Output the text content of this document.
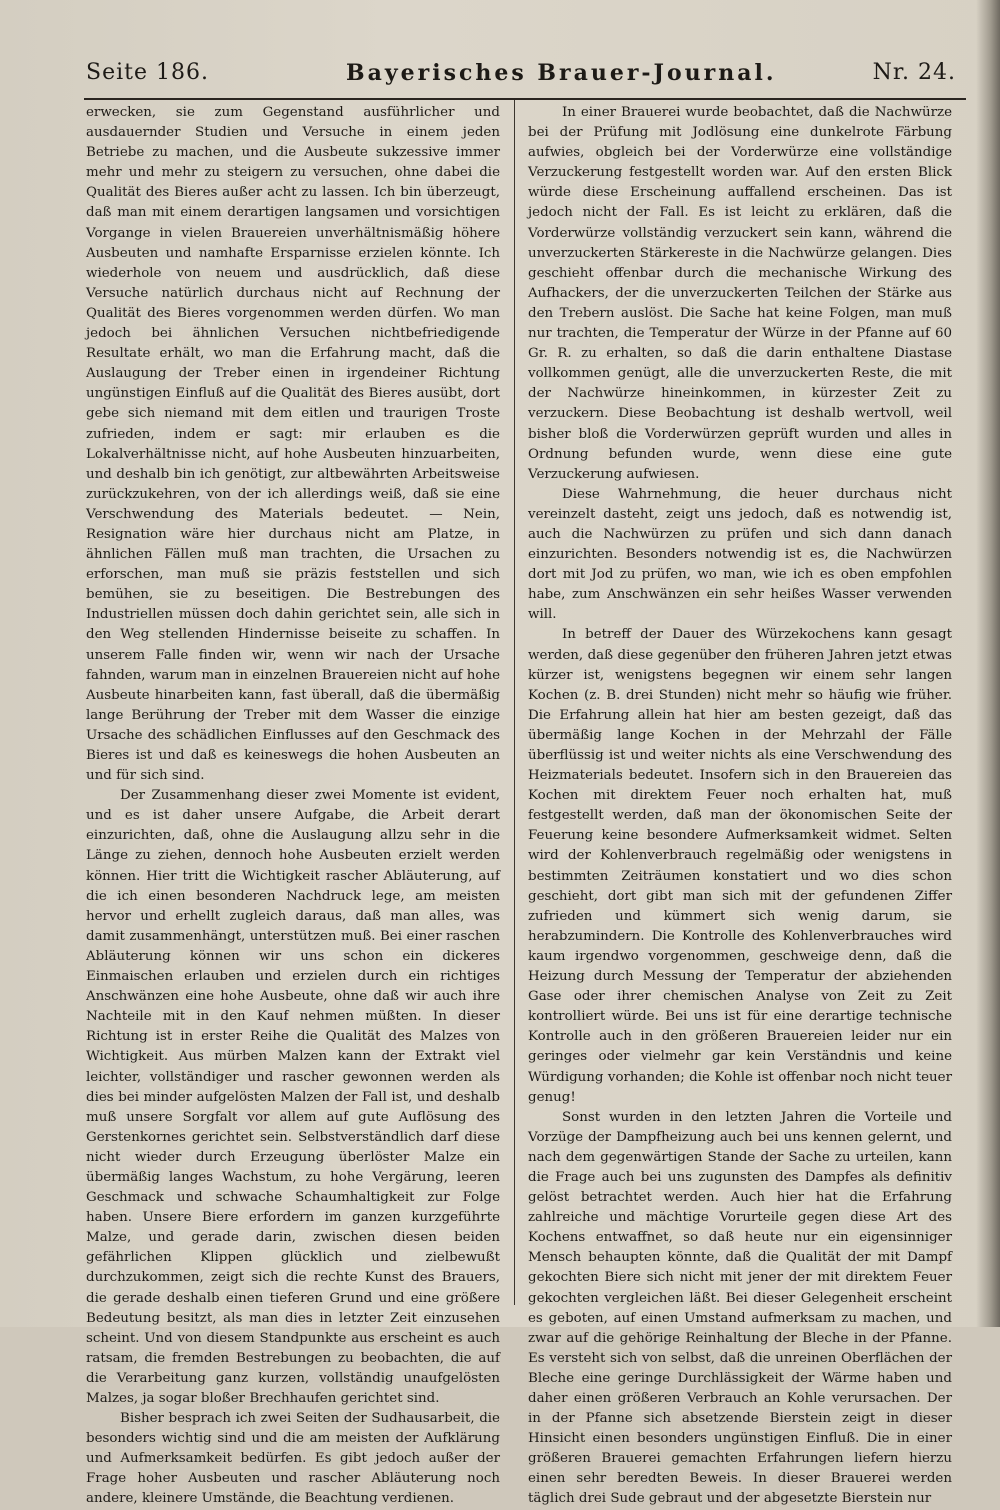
Seite 186.	Bayerisches Brauer-Journal.	Nr. 24.

erwecken, sie zum Gegenstand ausführlicher und ausdauernder Studien und Versuche in einem jeden Betriebe zu machen, und die Ausbeute sukzessive immer mehr und mehr zu steigern zu versuchen, ohne dabei die Qualität des Bieres außer acht zu lassen. Ich bin überzeugt, daß man mit einem derartigen langsamen und vorsichtigen Vorgange in vielen Brauereien unverhältnismäßig höhere Ausbeuten und namhafte Ersparnisse erzielen könnte. Ich wiederhole von neuem und ausdrücklich, daß diese Versuche natürlich durchaus nicht auf Rechnung der Qualität des Bieres vorgenommen werden dürfen. Wo man jedoch bei ähnlichen Versuchen nichtbefriedigende Resultate erhält, wo man die Erfahrung macht, daß die Auslaugung der Treber einen in irgendeiner Richtung ungünstigen Einfluß auf die Qualität des Bieres ausübt, dort gebe sich niemand mit dem eitlen und traurigen Troste zufrieden, indem er sagt: mir erlauben es die Lokalverhältnisse nicht, auf hohe Ausbeuten hinzuarbeiten, und deshalb bin ich genötigt, zur altbewährten Arbeitsweise zurückzukehren, von der ich allerdings weiß, daß sie eine Verschwendung des Materials bedeutet. — Nein, Resignation wäre hier durchaus nicht am Platze, in ähnlichen Fällen muß man trachten, die Ursachen zu erforschen, man muß sie präzis feststellen und sich bemühen, sie zu beseitigen. Die Bestrebungen des Industriellen müssen doch dahin gerichtet sein, alle sich in den Weg stellenden Hindernisse beiseite zu schaffen. In unserem Falle finden wir, wenn wir nach der Ursache fahnden, warum man in einzelnen Brauereien nicht auf hohe Ausbeute hinarbeiten kann, fast überall, daß die übermäßig lange Berührung der Treber mit dem Wasser die einzige Ursache des schädlichen Einflusses auf den Geschmack des Bieres ist und daß es keineswegs die hohen Ausbeuten an und für sich sind.

Der Zusammenhang dieser zwei Momente ist evident, und es ist daher unsere Aufgabe, die Arbeit derart einzurichten, daß, ohne die Auslaugung allzu sehr in die Länge zu ziehen, dennoch hohe Ausbeuten erzielt werden können. Hier tritt die Wichtigkeit rascher Abläuterung, auf die ich einen besonderen Nachdruck lege, am meisten hervor und erhellt zugleich daraus, daß man alles, was damit zusammenhängt, unterstützen muß. Bei einer raschen Abläuterung können wir uns schon ein dickeres Einmaischen erlauben und erzielen durch ein richtiges Anschwänzen eine hohe Ausbeute, ohne daß wir auch ihre Nachteile mit in den Kauf nehmen müßten. In dieser Richtung ist in erster Reihe die Qualität des Malzes von Wichtigkeit. Aus mürben Malzen kann der Extrakt viel leichter, vollständiger und rascher gewonnen werden als dies bei minder aufgelösten Malzen der Fall ist, und deshalb muß unsere Sorgfalt vor allem auf gute Auflösung des Gerstenkornes gerichtet sein. Selbstverständlich darf diese nicht wieder durch Erzeugung überlöster Malze ein übermäßig langes Wachstum, zu hohe Vergärung, leeren Geschmack und schwache Schaumhaltigkeit zur Folge haben. Unsere Biere erfordern im ganzen kurzgeführte Malze, und gerade darin, zwischen diesen beiden gefährlichen Klippen glücklich und zielbewußt durchzukommen, zeigt sich die rechte Kunst des Brauers, die gerade deshalb einen tieferen Grund und eine größere Bedeutung besitzt, als man dies in letzter Zeit einzusehen scheint. Und von diesem Standpunkte aus erscheint es auch ratsam, die fremden Bestrebungen zu beobachten, die auf die Verarbeitung ganz kurzen, vollständig unaufgelösten Malzes, ja sogar bloßer Brechhaufen gerichtet sind.

Bisher besprach ich zwei Seiten der Sudhausarbeit, die besonders wichtig sind und die am meisten der Aufklärung und Aufmerksamkeit bedürfen. Es gibt jedoch außer der Frage hoher Ausbeuten und rascher Abläuterung noch andere, kleinere Umstände, die Beachtung verdienen.

In einer Brauerei wurde beobachtet, daß die Nachwürze bei der Prüfung mit Jodlösung eine dunkelrote Färbung aufwies, obgleich bei der Vorderwürze eine vollständige Verzuckerung festgestellt worden war. Auf den ersten Blick würde diese Erscheinung auffallend erscheinen. Das ist jedoch nicht der Fall. Es ist leicht zu erklären, daß die Vorderwürze vollständig verzuckert sein kann, während die unverzuckerten Stärkereste in die Nachwürze gelangen. Dies geschieht offenbar durch die mechanische Wirkung des Aufhackers, der die unverzuckerten Teilchen der Stärke aus den Trebern auslöst. Die Sache hat keine Folgen, man muß nur trachten, die Temperatur der Würze in der Pfanne auf 60 Gr. R. zu erhalten, so daß die darin enthaltene Diastase vollkommen genügt, alle die unverzuckerten Reste, die mit der Nachwürze hineinkommen, in kürzester Zeit zu verzuckern. Diese Beobachtung ist deshalb wertvoll, weil bisher bloß die Vorderwürzen geprüft wurden und alles in Ordnung befunden wurde, wenn diese eine gute Verzuckerung aufwiesen.

Diese Wahrnehmung, die heuer durchaus nicht vereinzelt dasteht, zeigt uns jedoch, daß es notwendig ist, auch die Nachwürzen zu prüfen und sich dann danach einzurichten. Besonders notwendig ist es, die Nachwürzen dort mit Jod zu prüfen, wo man, wie ich es oben empfohlen habe, zum Anschwänzen ein sehr heißes Wasser verwenden will.

In betreff der Dauer des Würzekochens kann gesagt werden, daß diese gegenüber den früheren Jahren jetzt etwas kürzer ist, wenigstens begegnen wir einem sehr langen Kochen (z. B. drei Stunden) nicht mehr so häufig wie früher. Die Erfahrung allein hat hier am besten gezeigt, daß das übermäßig lange Kochen in der Mehrzahl der Fälle überflüssig ist und weiter nichts als eine Verschwendung des Heizmaterials bedeutet. Insofern sich in den Brauereien das Kochen mit direktem Feuer noch erhalten hat, muß festgestellt werden, daß man der ökonomischen Seite der Feuerung keine besondere Aufmerksamkeit widmet. Selten wird der Kohlenverbrauch regelmäßig oder wenigstens in bestimmten Zeiträumen konstatiert und wo dies schon geschieht, dort gibt man sich mit der gefundenen Ziffer zufrieden und kümmert sich wenig darum, sie herabzumindern. Die Kontrolle des Kohlenverbrauches wird kaum irgendwo vorgenommen, geschweige denn, daß die Heizung durch Messung der Temperatur der abziehenden Gase oder ihrer chemischen Analyse von Zeit zu Zeit kontrolliert würde. Bei uns ist für eine derartige technische Kontrolle auch in den größeren Brauereien leider nur ein geringes oder vielmehr gar kein Verständnis und keine Würdigung vorhanden; die Kohle ist offenbar noch nicht teuer genug!

Sonst wurden in den letzten Jahren die Vorteile und Vorzüge der Dampfheizung auch bei uns kennen gelernt, und nach dem gegenwärtigen Stande der Sache zu urteilen, kann die Frage auch bei uns zugunsten des Dampfes als definitiv gelöst betrachtet werden. Auch hier hat die Erfahrung zahlreiche und mächtige Vorurteile gegen diese Art des Kochens entwaffnet, so daß heute nur ein eigensinniger Mensch behaupten könnte, daß die Qualität der mit Dampf gekochten Biere sich nicht mit jener der mit direktem Feuer gekochten vergleichen läßt. Bei dieser Gelegenheit erscheint es geboten, auf einen Umstand aufmerksam zu machen, und zwar auf die gehörige Reinhaltung der Bleche in der Pfanne. Es versteht sich von selbst, daß die unreinen Oberflächen der Bleche eine geringe Durchlässigkeit der Wärme haben und daher einen größeren Verbrauch an Kohle verursachen. Der in der Pfanne sich absetzende Bierstein zeigt in dieser Hinsicht einen besonders ungünstigen Einfluß. Die in einer größeren Brauerei gemachten Erfahrungen liefern hierzu einen sehr beredten Beweis. In dieser Brauerei werden täglich drei Sude gebraut und der abgesetzte Bierstein nur
